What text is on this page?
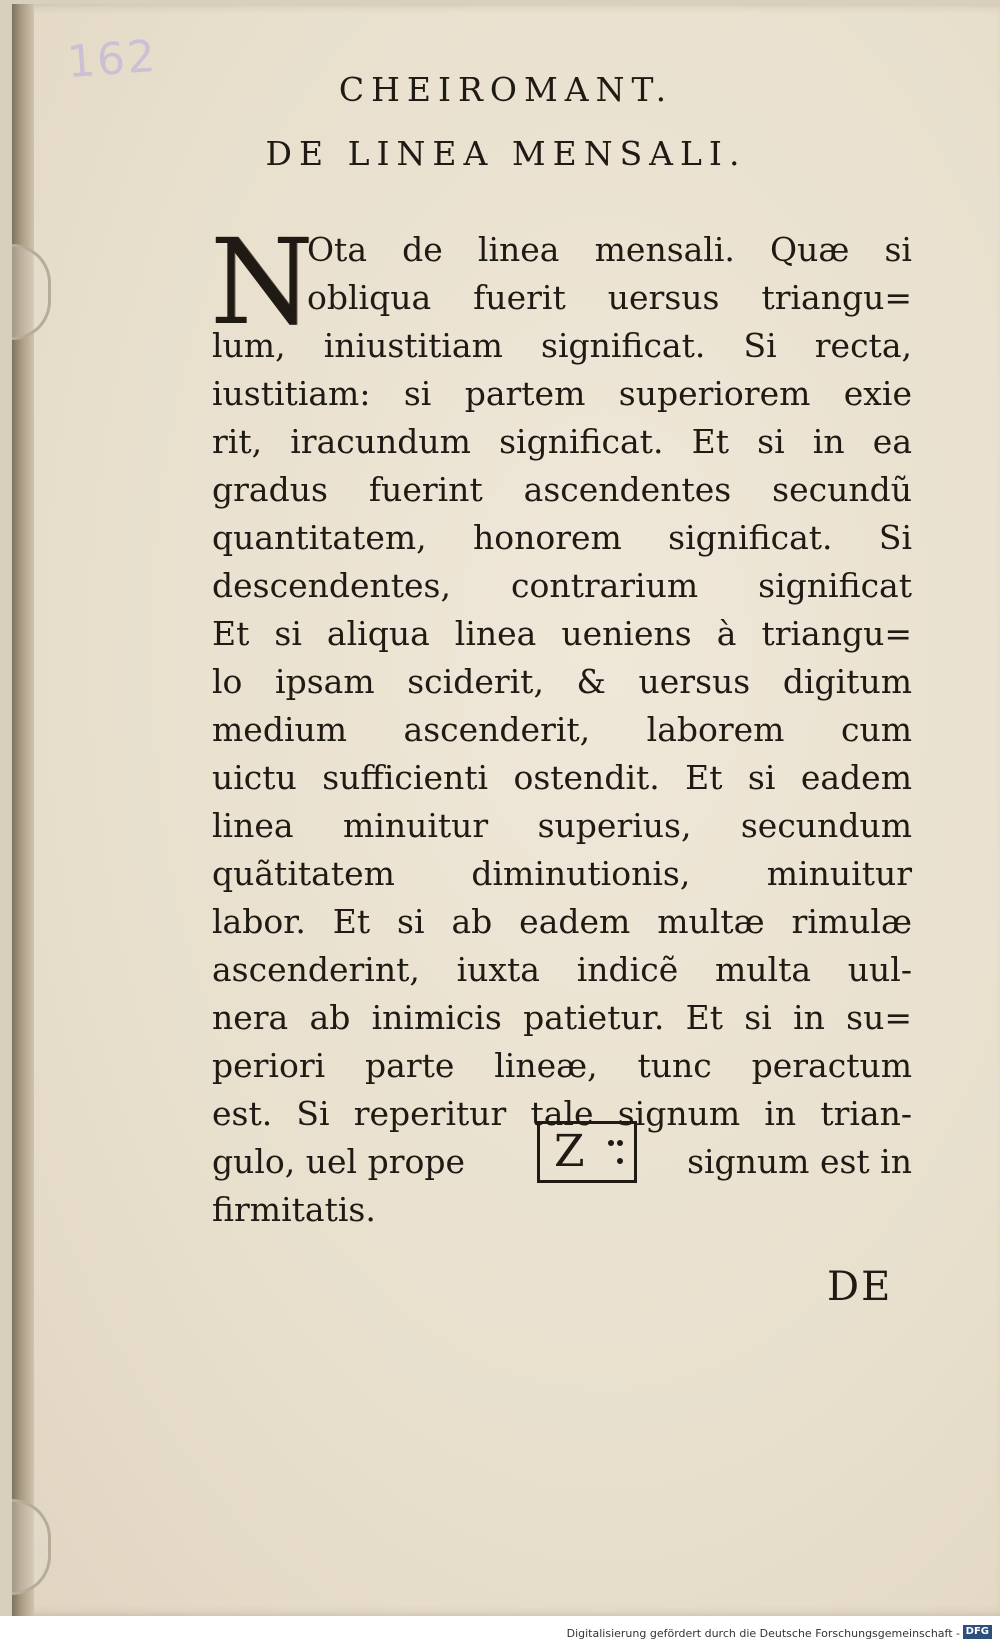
162
CHEIROMANT.
DE LINEA MENSALI.
N
Ota de linea mensali. Quæ si
obliqua fuerit uersus triangu=
lum, iniustitiam significat. Si recta,
iustitiam: si partem superiorem exie
rit, iracundum significat. Et si in ea
gradus fuerint ascendentes secundũ
quantitatem, honorem significat. Si
descendentes, contrarium significat
Et si aliqua linea ueniens à triangu=
lo ipsam sciderit, & uersus digitum
medium ascenderit, laborem cum
uictu sufficienti ostendit. Et si eadem
linea minuitur superius, secundum
quãtitatem diminutionis, minuitur
labor. Et si ab eadem multæ rimulæ
ascenderint, iuxta indicẽ multa uul-
nera ab inimicis patietur. Et si in su=
periori parte lineæ, tunc peractum
est. Si reperitur tale signum in trian-
gulo, uel prope	signum est in
firmitatis.
Z
DE
Digitalisierung gefördert durch die Deutsche Forschungsgemeinschaft - DFG
